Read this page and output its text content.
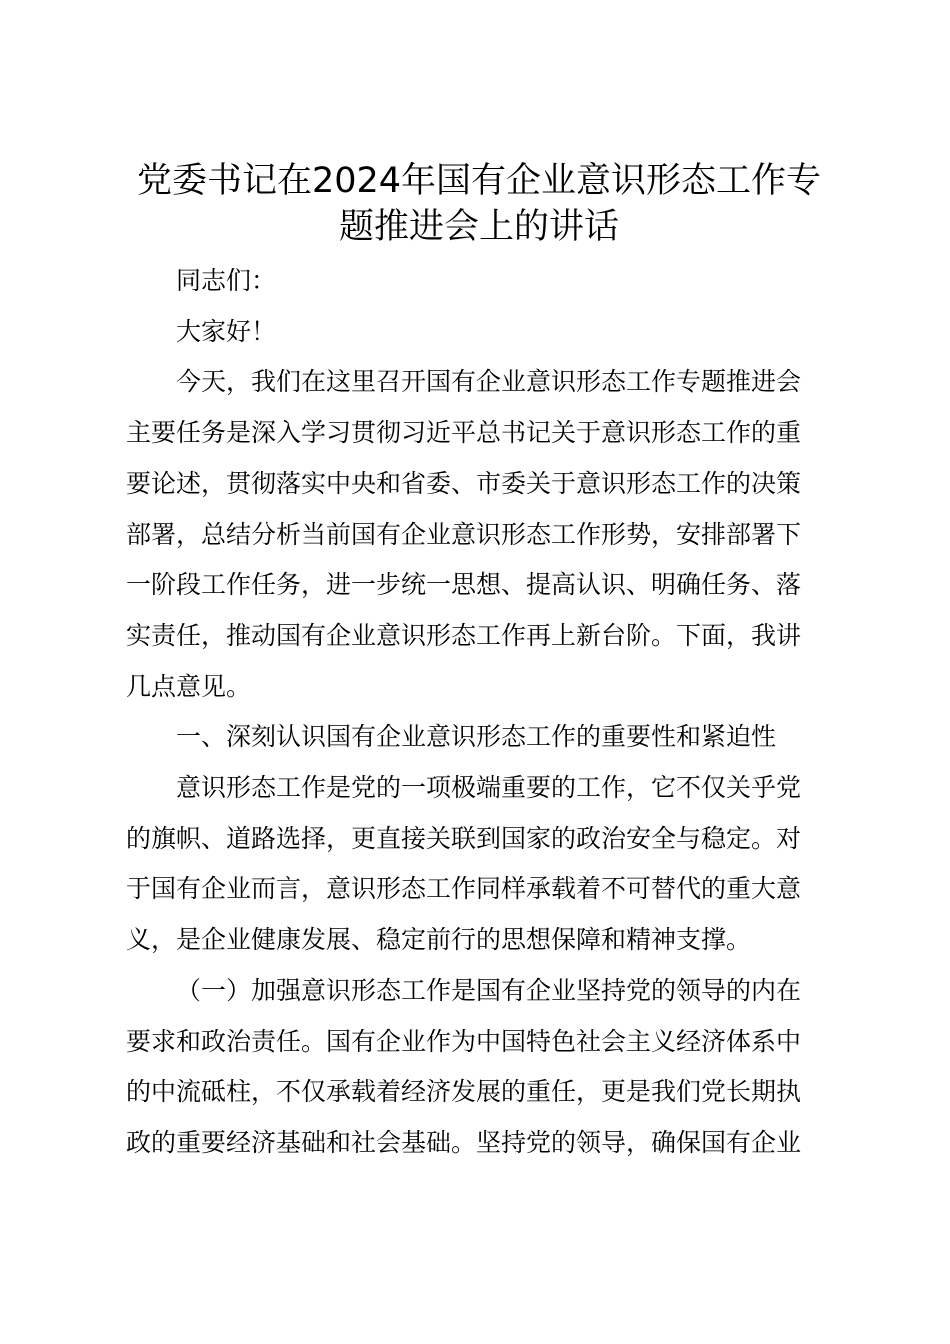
党委书记在2024年国有企业意识形态工作专
题推进会上的讲话

同志们：

大家好！

今天，我们在这里召开国有企业意识形态工作专题推进会
主要任务是深入学习贯彻习近平总书记关于意识形态工作的重
要论述，贯彻落实中央和省委、市委关于意识形态工作的决策
部署，总结分析当前国有企业意识形态工作形势，安排部署下
一阶段工作任务，进一步统一思想、提高认识、明确任务、落
实责任，推动国有企业意识形态工作再上新台阶。下面，我讲
几点意见。

一、深刻认识国有企业意识形态工作的重要性和紧迫性

意识形态工作是党的一项极端重要的工作，它不仅关乎党
的旗帜、道路选择，更直接关联到国家的政治安全与稳定。对
于国有企业而言，意识形态工作同样承载着不可替代的重大意
义，是企业健康发展、稳定前行的思想保障和精神支撑。

（一）加强意识形态工作是国有企业坚持党的领导的内在
要求和政治责任。国有企业作为中国特色社会主义经济体系中
的中流砥柱，不仅承载着经济发展的重任，更是我们党长期执
政的重要经济基础和社会基础。坚持党的领导，确保国有企业
